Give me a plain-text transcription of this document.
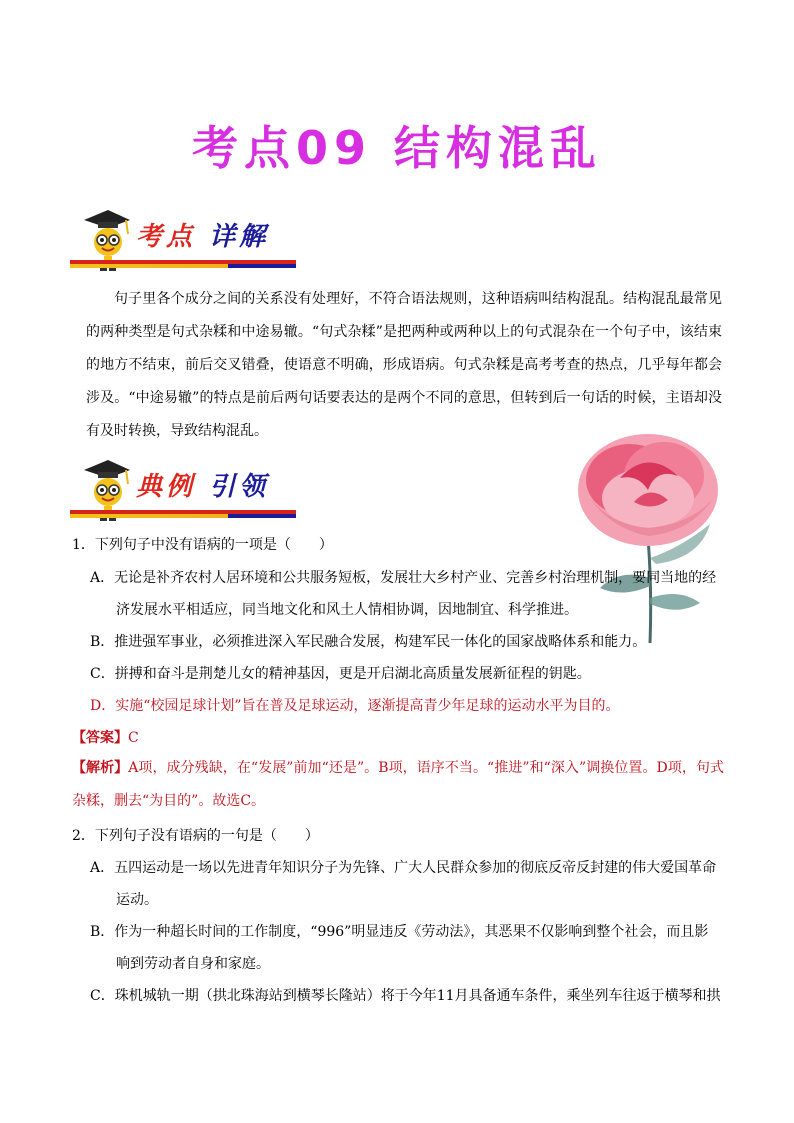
考点09 结构混乱
考点 详解

句子里各个成分之间的关系没有处理好，不符合语法规则，这种语病叫结构混乱。结构混乱最常见的两种类型是句式杂糅和中途易辙。“句式杂糅”是把两种或两种以上的句式混杂在一个句子中，该结束的地方不结束，前后交叉错叠，使语意不明确，形成语病。句式杂糅是高考考查的热点，几乎每年都会涉及。“中途易辙”的特点是前后两句话要表达的是两个不同的意思，但转到后一句话的时候，主语却没有及时转换，导致结构混乱。

典例 引领

1．下列句子中没有语病的一项是（　　）

A．无论是补齐农村人居环境和公共服务短板，发展壮大乡村产业、完善乡村治理机制，要同当地的经

济发展水平相适应，同当地文化和风土人情相协调，因地制宜、科学推进。

B．推进强军事业，必须推进深入军民融合发展，构建军民一体化的国家战略体系和能力。

C．拼搏和奋斗是荆楚儿女的精神基因，更是开启湖北高质量发展新征程的钥匙。

D．实施“校园足球计划”旨在普及足球运动，逐渐提高青少年足球的运动水平为目的。

【答案】C

【解析】A项，成分残缺，在“发展”前加“还是”。B项，语序不当。“推进”和“深入”调换位置。D项，句式杂糅，删去“为目的”。故选C。

2．下列句子没有语病的一句是（　　）

A．五四运动是一场以先进青年知识分子为先锋、广大人民群众参加的彻底反帝反封建的伟大爱国革命

运动。

B．作为一种超长时间的工作制度，“996”明显违反《劳动法》，其恶果不仅影响到整个社会，而且影

响到劳动者自身和家庭。

C．珠机城轨一期（拱北珠海站到横琴长隆站）将于今年11月具备通车条件，乘坐列车往返于横琴和拱
